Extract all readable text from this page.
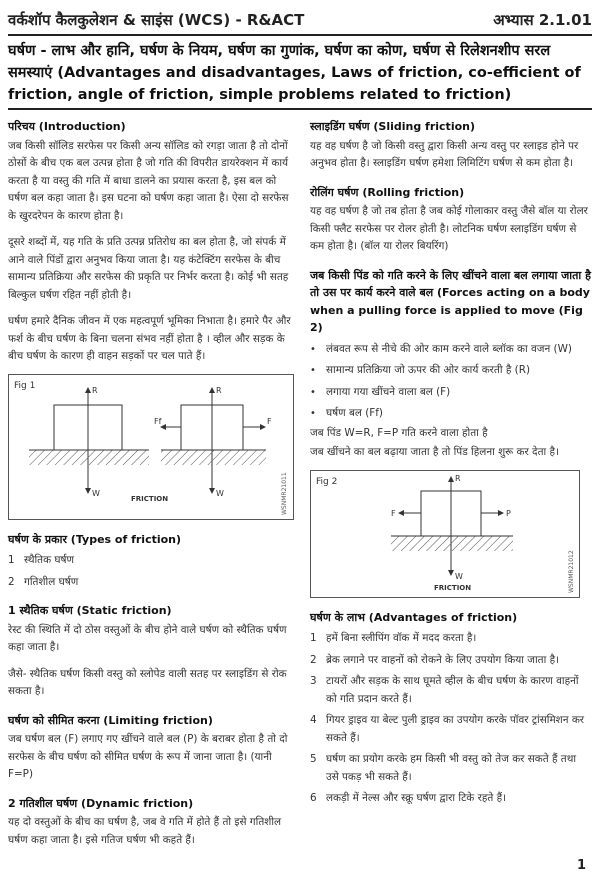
वर्कशॉप कैलकुलेशन & साइंस (WCS) - R&ACT	अभ्यास 2.1.01
घर्षण - लाभ और हानि, घर्षण के नियम, घर्षण का गुणांक, घर्षण का कोण, घर्षण से रिलेशनशीप सरल समस्याएं (Advantages and disadvantages, Laws of friction, co-efficient of friction, angle of friction, simple problems related to friction)
परिचय (Introduction)
जब किसी सॉलिड सरफेस पर किसी अन्य सॉलिड को रगड़ा जाता है तो दोनों ठोसों के बीच एक बल उत्पन्न होता है जो गति की विपरीत डायरेक्शन में कार्य करता है या वस्तु की गति में बाधा डालने का प्रयास करता है, इस बल को घर्षण बल कहा जाता है। इस घटना को घर्षण कहा जाता है। ऐसा दो सरफेस के खुरदरेपन के कारण होता है।
दूसरे शब्दों में, यह गति के प्रति उत्पन्न प्रतिरोध का बल होता है, जो संपर्क में आने वाले पिंडों द्वारा अनुभव किया जाता है। यह कंटेक्टिंग सरफेस के बीच सामान्य प्रतिक्रिया और सरफेस की प्रकृति पर निर्भर करता है। कोई भी सतह बिल्कुल घर्षण रहित नहीं होती है।
घर्षण हमारे दैनिक जीवन में एक महत्वपूर्ण भूमिका निभाता है। हमारे पैर और फर्श के बीच घर्षण के बिना चलना संभव नहीं होता है । व्हील और सड़क के बीच घर्षण के कारण ही वाहन सड़कों पर चल पाते हैं।
Fig 1	R
W
R
W
Ff	F
FRICTION	WSNMR21011
घर्षण के प्रकार (Types of friction)
1 स्थैतिक घर्षण
2 गतिशील घर्षण
1 स्थैतिक घर्षण (Static friction)
रेस्ट की स्थिति में दो ठोस वस्तुओं के बीच होने वाले घर्षण को स्थैतिक घर्षण कहा जाता है।
जैसे- स्थैतिक घर्षण किसी वस्तु को स्लोपेड वाली सतह पर स्लाइडिंग से रोक सकता है।
घर्षण को सीमित करना (Limiting friction)
जब घर्षण बल (F) लगाए गए खींचने वाले बल (P) के बराबर होता है तो दो सरफेस के बीच घर्षण को सीमित घर्षण के रूप में जाना जाता है। (यानी F=P)
2 गतिशील घर्षण (Dynamic friction)
यह दो वस्तुओं के बीच का घर्षण है, जब वे गति में होते हैं तो इसे गतिशील घर्षण कहा जाता है। इसे गतिज घर्षण भी कहते हैं।
स्लाइडिंग घर्षण (Sliding friction)
यह वह घर्षण है जो किसी वस्तु द्वारा किसी अन्य वस्तु पर स्लाइड होने पर अनुभव होता है। स्लाइडिंग घर्षण हमेशा लिमिटिंग घर्षण से कम होता है।
रोलिंग घर्षण (Rolling friction)
यह वह घर्षण है जो तब होता है जब कोई गोलाकार वस्तु जैसे बॉल या रोलर किसी फ्लैट सरफेस पर रोलर होती है। लोटनिक घर्षण स्लाइडिंग घर्षण से कम होता है। (बॉल या रोलर बियरिंग)
जब किसी पिंड को गति करने के लिए खींचने वाला बल लगाया जाता है तो उस पर कार्य करने वाले बल (Forces acting on a body when a pulling force is applied to move (Fig 2)
• लंबवत रूप से नीचे की ओर काम करने वाले ब्लॉक का वजन (W)
• सामान्य प्रतिक्रिया जो ऊपर की ओर कार्य करती है (R)
• लगाया गया खींचने वाला बल (F)
• घर्षण बल (Ff)
जब पिंड W=R, F=P गति करने वाला होता है
जब खींचने का बल बढ़ाया जाता है तो पिंड हिलना शुरू कर देता है।
Fig 2	R
W
F	P
FRICTION	WSNMR21012
घर्षण के लाभ (Advantages of friction)
1 हमें बिना स्लीपिंग वॉक में मदद करता है।
2 ब्रेक लगाने पर वाहनों को रोकने के लिए उपयोग किया जाता है।
3 टायरों और सड़क के साथ घूमते व्हील के बीच घर्षण के कारण वाहनों को गति प्रदान करते हैं।
4 गियर ड्राइव या बेल्ट पुली ड्राइव का उपयोग करके पॉवर ट्रांसमिशन कर सकते हैं।
5 घर्षण का प्रयोग करके हम किसी भी वस्तु को तेज कर सकते हैं तथा उसे पकड़ भी सकते हैं।
6 लकड़ी में नेल्स और स्क्रू घर्षण द्वारा टिके रहते हैं।
1
